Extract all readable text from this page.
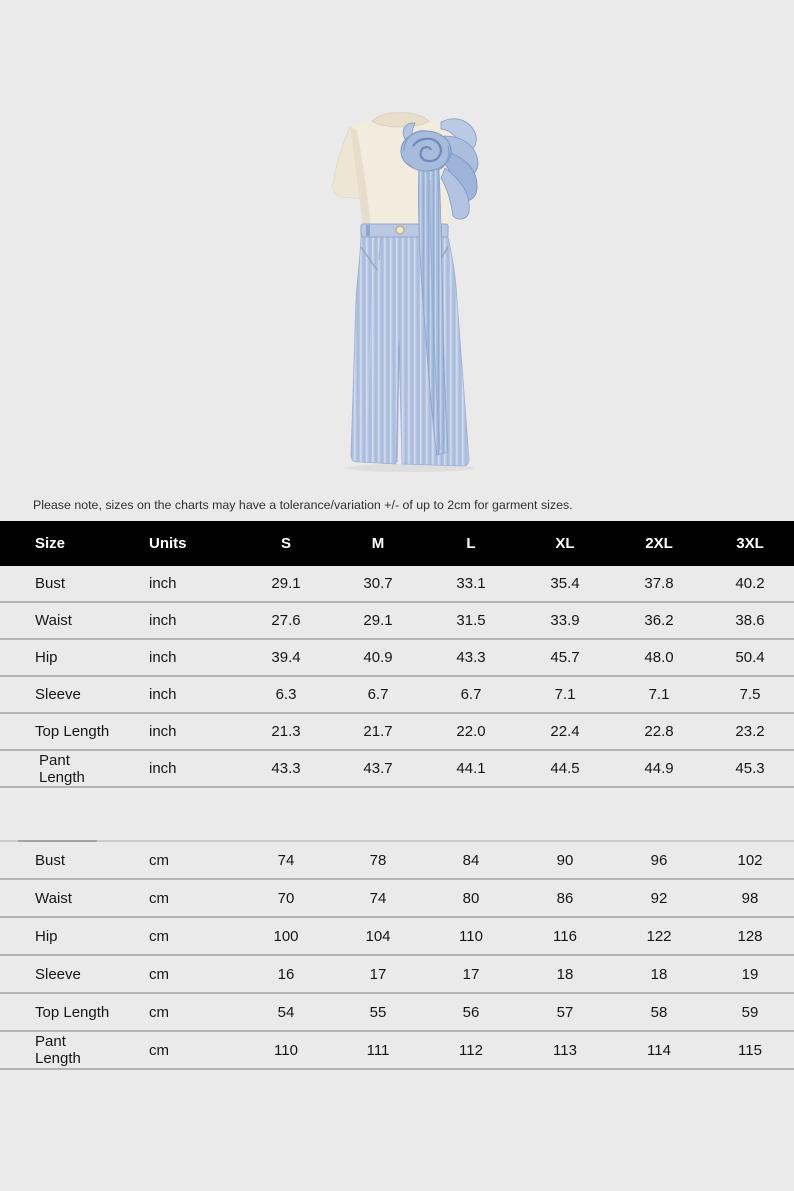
Please note, sizes on the charts may have a tolerance/variation +/- of up to 2cm for garment sizes.
Size	Units	S	M	L	XL	2XL	3XL
Bust	inch	29.1	30.7	33.1	35.4	37.8	40.2
Waist	inch	27.6	29.1	31.5	33.9	36.2	38.6
Hip	inch	39.4	40.9	43.3	45.7	48.0	50.4
Sleeve	inch	6.3	6.7	6.7	7.1	7.1	7.5
Top Length	inch	21.3	21.7	22.0	22.4	22.8	23.2
Pant Length	inch	43.3	43.7	44.1	44.5	44.9	45.3
Bust	cm	74	78	84	90	96	102
Waist	cm	70	74	80	86	92	98
Hip	cm	100	104	110	116	122	128
Sleeve	cm	16	17	17	18	18	19
Top Length	cm	54	55	56	57	58	59
Pant Length	cm	110	111	112	113	114	115
